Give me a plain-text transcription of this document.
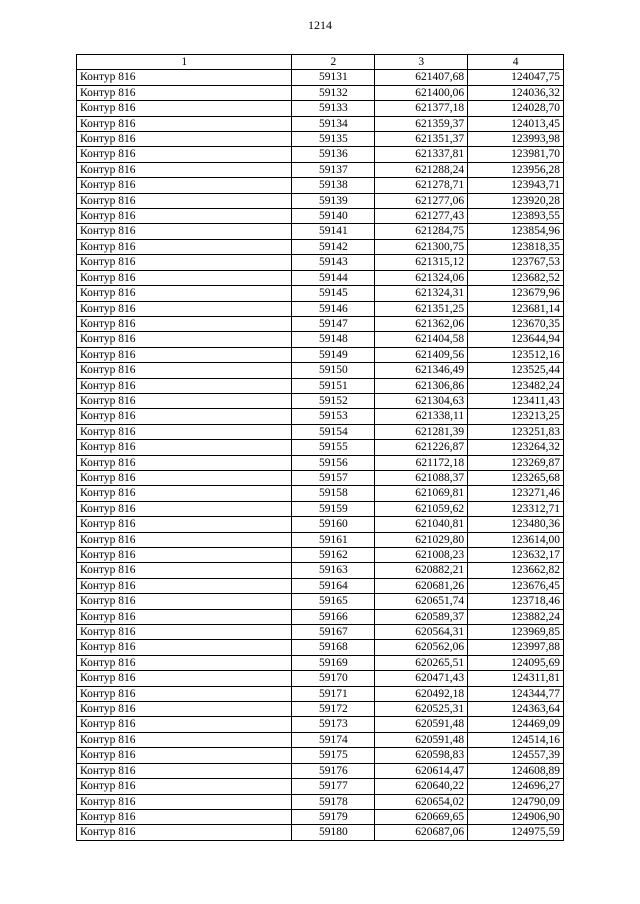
1214
1	2	3	4
Контур 816	59131	621407,68	124047,75
Контур 816	59132	621400,06	124036,32
Контур 816	59133	621377,18	124028,70
Контур 816	59134	621359,37	124013,45
Контур 816	59135	621351,37	123993,98
Контур 816	59136	621337,81	123981,70
Контур 816	59137	621288,24	123956,28
Контур 816	59138	621278,71	123943,71
Контур 816	59139	621277,06	123920,28
Контур 816	59140	621277,43	123893,55
Контур 816	59141	621284,75	123854,96
Контур 816	59142	621300,75	123818,35
Контур 816	59143	621315,12	123767,53
Контур 816	59144	621324,06	123682,52
Контур 816	59145	621324,31	123679,96
Контур 816	59146	621351,25	123681,14
Контур 816	59147	621362,06	123670,35
Контур 816	59148	621404,58	123644,94
Контур 816	59149	621409,56	123512,16
Контур 816	59150	621346,49	123525,44
Контур 816	59151	621306,86	123482,24
Контур 816	59152	621304,63	123411,43
Контур 816	59153	621338,11	123213,25
Контур 816	59154	621281,39	123251,83
Контур 816	59155	621226,87	123264,32
Контур 816	59156	621172,18	123269,87
Контур 816	59157	621088,37	123265,68
Контур 816	59158	621069,81	123271,46
Контур 816	59159	621059,62	123312,71
Контур 816	59160	621040,81	123480,36
Контур 816	59161	621029,80	123614,00
Контур 816	59162	621008,23	123632,17
Контур 816	59163	620882,21	123662,82
Контур 816	59164	620681,26	123676,45
Контур 816	59165	620651,74	123718,46
Контур 816	59166	620589,37	123882,24
Контур 816	59167	620564,31	123969,85
Контур 816	59168	620562,06	123997,88
Контур 816	59169	620265,51	124095,69
Контур 816	59170	620471,43	124311,81
Контур 816	59171	620492,18	124344,77
Контур 816	59172	620525,31	124363,64
Контур 816	59173	620591,48	124469,09
Контур 816	59174	620591,48	124514,16
Контур 816	59175	620598,83	124557,39
Контур 816	59176	620614,47	124608,89
Контур 816	59177	620640,22	124696,27
Контур 816	59178	620654,02	124790,09
Контур 816	59179	620669,65	124906,90
Контур 816	59180	620687,06	124975,59
